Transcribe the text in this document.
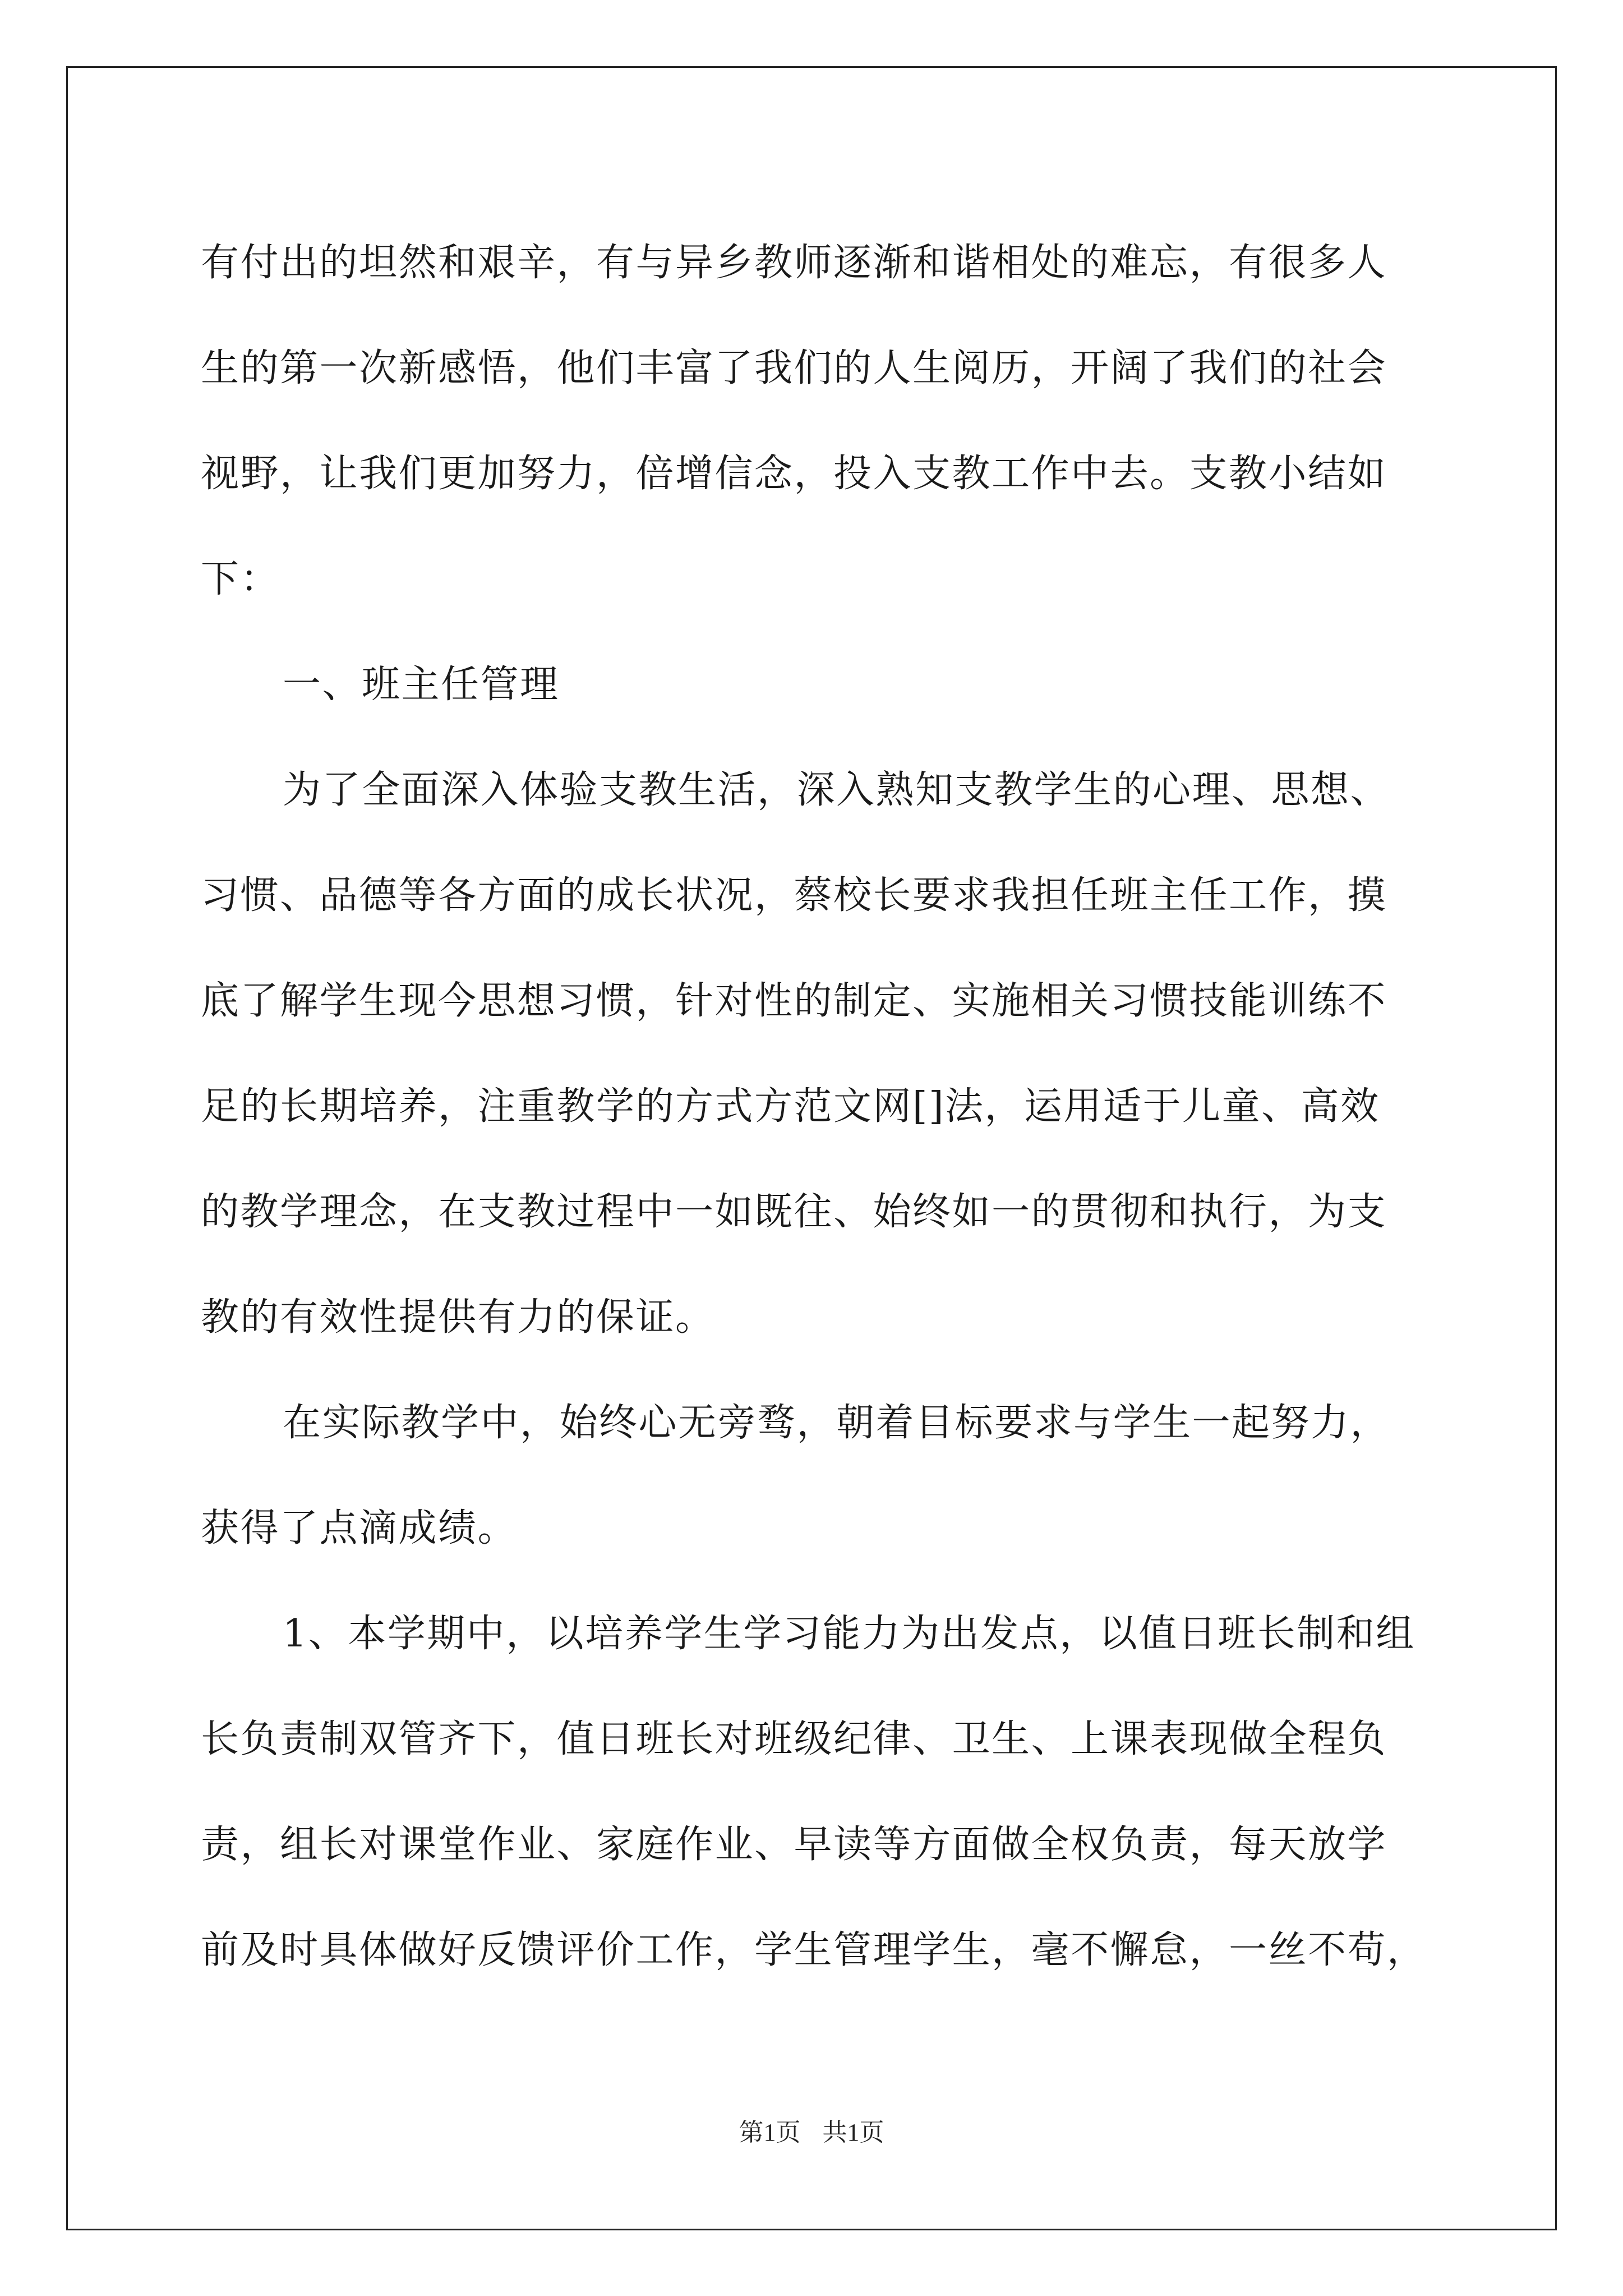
有付出的坦然和艰辛，有与异乡教师逐渐和谐相处的难忘，有很多人
生的第一次新感悟，他们丰富了我们的人生阅历，开阔了我们的社会
视野，让我们更加努力，倍增信念，投入支教工作中去。支教小结如
下：
一、班主任管理
为了全面深入体验支教生活，深入熟知支教学生的心理、思想、
习惯、品德等各方面的成长状况，蔡校长要求我担任班主任工作，摸
底了解学生现今思想习惯，针对性的制定、实施相关习惯技能训练不
足的长期培养，注重教学的方式方范文网[]法，运用适于儿童、高效
的教学理念，在支教过程中一如既往、始终如一的贯彻和执行，为支
教的有效性提供有力的保证。
在实际教学中，始终心无旁骛，朝着目标要求与学生一起努力，
获得了点滴成绩。
1、本学期中，以培养学生学习能力为出发点，以值日班长制和组
长负责制双管齐下，值日班长对班级纪律、卫生、上课表现做全程负
责，组长对课堂作业、家庭作业、早读等方面做全权负责，每天放学
前及时具体做好反馈评价工作，学生管理学生，毫不懈怠，一丝不苟，
第1页 共1页
